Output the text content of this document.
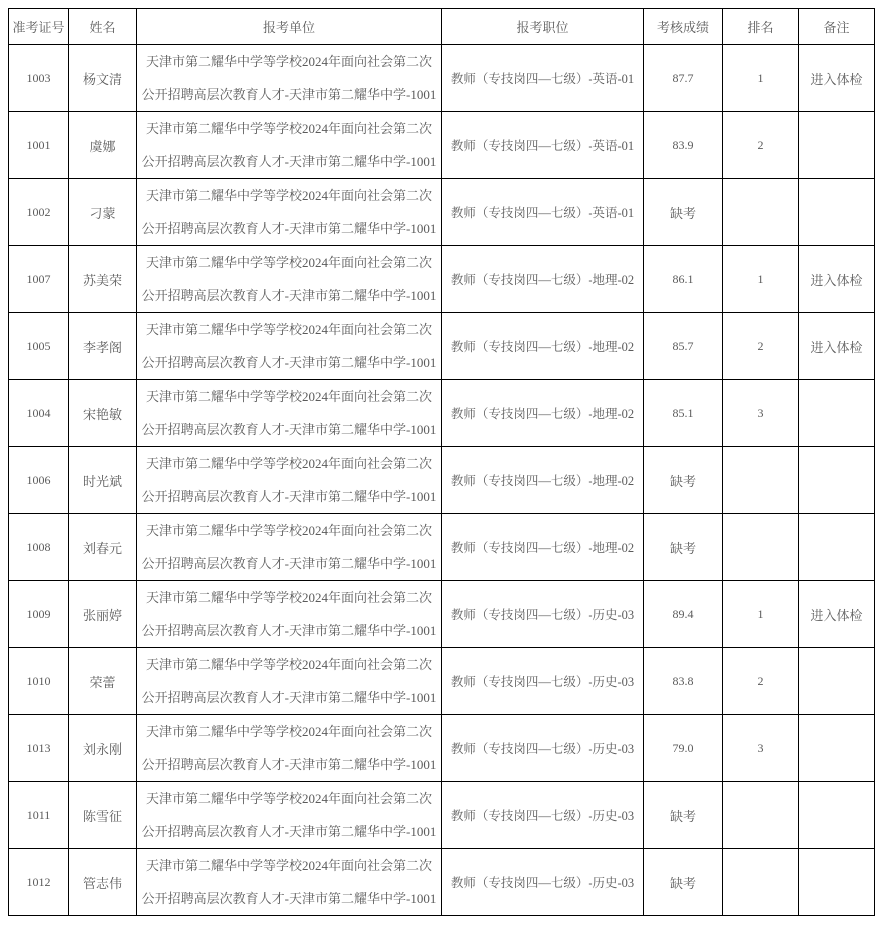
准考证号	姓名	报考单位	报考职位	考核成绩	排名	备注
1003	杨文清	天津市第二耀华中学等学校2024年面向社会第二次公开招聘高层次教育人才-天津市第二耀华中学-1001	教师（专技岗四—七级）-英语-01	87.7	1	进入体检
1001	虞娜	天津市第二耀华中学等学校2024年面向社会第二次公开招聘高层次教育人才-天津市第二耀华中学-1001	教师（专技岗四—七级）-英语-01	83.9	2	
1002	刁蒙	天津市第二耀华中学等学校2024年面向社会第二次公开招聘高层次教育人才-天津市第二耀华中学-1001	教师（专技岗四—七级）-英语-01	缺考		
1007	苏美荣	天津市第二耀华中学等学校2024年面向社会第二次公开招聘高层次教育人才-天津市第二耀华中学-1001	教师（专技岗四—七级）-地理-02	86.1	1	进入体检
1005	李孝阁	天津市第二耀华中学等学校2024年面向社会第二次公开招聘高层次教育人才-天津市第二耀华中学-1001	教师（专技岗四—七级）-地理-02	85.7	2	进入体检
1004	宋艳敏	天津市第二耀华中学等学校2024年面向社会第二次公开招聘高层次教育人才-天津市第二耀华中学-1001	教师（专技岗四—七级）-地理-02	85.1	3	
1006	时光斌	天津市第二耀华中学等学校2024年面向社会第二次公开招聘高层次教育人才-天津市第二耀华中学-1001	教师（专技岗四—七级）-地理-02	缺考		
1008	刘春元	天津市第二耀华中学等学校2024年面向社会第二次公开招聘高层次教育人才-天津市第二耀华中学-1001	教师（专技岗四—七级）-地理-02	缺考		
1009	张丽婷	天津市第二耀华中学等学校2024年面向社会第二次公开招聘高层次教育人才-天津市第二耀华中学-1001	教师（专技岗四—七级）-历史-03	89.4	1	进入体检
1010	荣蕾	天津市第二耀华中学等学校2024年面向社会第二次公开招聘高层次教育人才-天津市第二耀华中学-1001	教师（专技岗四—七级）-历史-03	83.8	2	
1013	刘永刚	天津市第二耀华中学等学校2024年面向社会第二次公开招聘高层次教育人才-天津市第二耀华中学-1001	教师（专技岗四—七级）-历史-03	79.0	3	
1011	陈雪征	天津市第二耀华中学等学校2024年面向社会第二次公开招聘高层次教育人才-天津市第二耀华中学-1001	教师（专技岗四—七级）-历史-03	缺考		
1012	管志伟	天津市第二耀华中学等学校2024年面向社会第二次公开招聘高层次教育人才-天津市第二耀华中学-1001	教师（专技岗四—七级）-历史-03	缺考		
